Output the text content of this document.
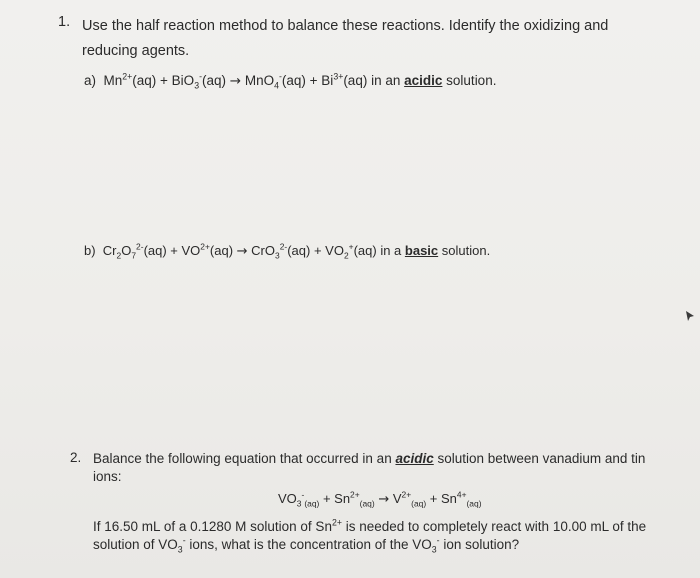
1. Use the half reaction method to balance these reactions. Identify the oxidizing and reducing agents.
a)  $Mn^{2+}(aq) + BiO_3^-(aq) \to MnO_4^-(aq) + Bi^{3+}(aq)$ in an acidic solution.
b)  $Cr_2O_7^{2-}(aq) + VO^{2+}(aq) \to CrO_3^{2-}(aq) + VO_2^+(aq)$ in a basic solution.
2. Balance the following equation that occurred in an acidic solution between vanadium and tin ions:
$VO_3^-_{(aq)} + Sn^{2+}_{(aq)} \to V^{2+}_{(aq)} + Sn^{4+}_{(aq)}$
If 16.50 mL of a 0.1280 M solution of $Sn^{2+}$ is needed to completely react with 10.00 mL of the
solution of $VO_3^-$ ions, what is the concentration of the $VO_3^-$ ion solution?
